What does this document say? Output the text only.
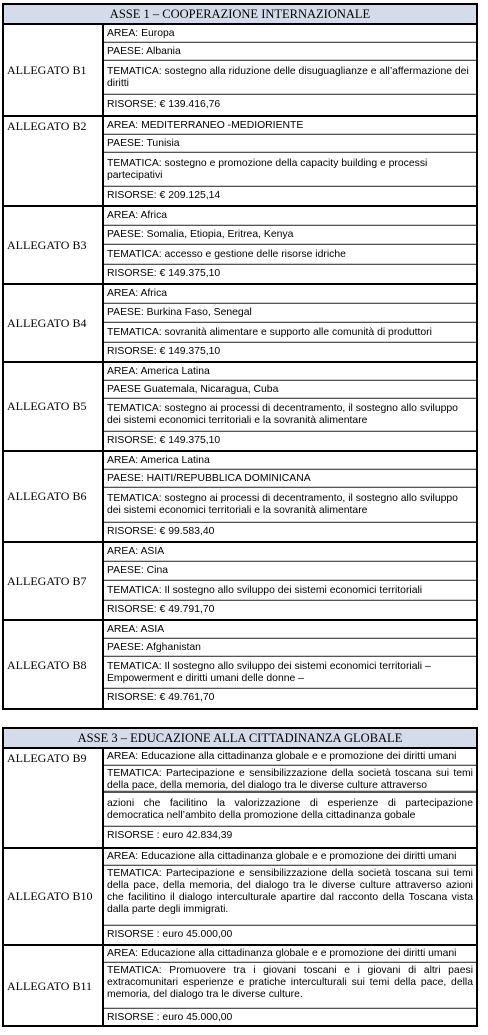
ASSE 1 – COOPERAZIONE INTERNAZIONALE
ALLEGATO B1
AREA: Europa
PAESE: Albania
TEMATICA: sostegno alla riduzione delle disuguaglianze e all’affermazione dei diritti
RISORSE: € 139.416,76
ALLEGATO B2	AREA: MEDITERRANEO -MEDIORIENTE
PAESE: Tunisia
TEMATICA: sostegno e promozione della capacity building e processi partecipativi
RISORSE: € 209.125,14
ALLEGATO B3
AREA: Africa
PAESE: Somalia, Etiopia, Eritrea, Kenya
TEMATICA: accesso e gestione delle risorse idriche
RISORSE: € 149.375,10
ALLEGATO B4
AREA: Africa
PAESE: Burkina Faso, Senegal
TEMATICA: sovranità alimentare e supporto alle comunità di produttori
RISORSE: € 149.375,10
ALLEGATO B5
AREA: America Latina
PAESE Guatemala, Nicaragua, Cuba
TEMATICA: sostegno ai processi di decentramento, il sostegno allo sviluppo dei sistemi economici territoriali e la sovranità alimentare
RISORSE: € 149.375,10
ALLEGATO B6
AREA: America Latina
PAESE: HAITI/REPUBBLICA DOMINICANA
TEMATICA: sostegno ai processi di decentramento, il sostegno allo sviluppo dei sistemi economici territoriali e la sovranità alimentare
RISORSE: € 99.583,40
ALLEGATO B7
AREA: ASIA
PAESE: Cina
TEMATICA: Il sostegno allo sviluppo dei sistemi economici territoriali
RISORSE: € 49.791,70
ALLEGATO B8
AREA: ASIA
PAESE: Afghanistan
TEMATICA: Il sostegno allo sviluppo dei sistemi economici territoriali – Empowerment e diritti umani delle donne –
RISORSE: € 49.761,70
ASSE 3 – EDUCAZIONE ALLA CITTADINANZA GLOBALE
ALLEGATO B9	AREA: Educazione alla cittadinanza globale e e promozione dei diritti umani
TEMATICA: Partecipazione e sensibilizzazione della società toscana sui temi della pace, della memoria, del dialogo tra le diverse culture attraverso
azioni che facilitino la valorizzazione di esperienze di partecipazione democratica nell’ambito della promozione della cittadinanza gobale
RISORSE : euro 42.834,39
ALLEGATO B10
AREA: Educazione alla cittadinanza globale e e promozione dei diritti umani
TEMATICA: Partecipazione e sensibilizzazione della società toscana sui temi della pace, della memoria, del dialogo tra le diverse culture attraverso azioni che facilitino il dialogo interculturale apartire dal racconto della Toscana vista dalla parte degli immigrati.
RISORSE : euro 45.000,00
ALLEGATO B11
AREA: Educazione alla cittadinanza globale e e promozione dei diritti umani
TEMATICA: Promuovere tra i giovani toscani e i giovani di altri paesi extracomunitari esperienze e pratiche interculturali sui temi della pace, della memoria, del dialogo tra le diverse culture.
RISORSE : euro 45.000,00
